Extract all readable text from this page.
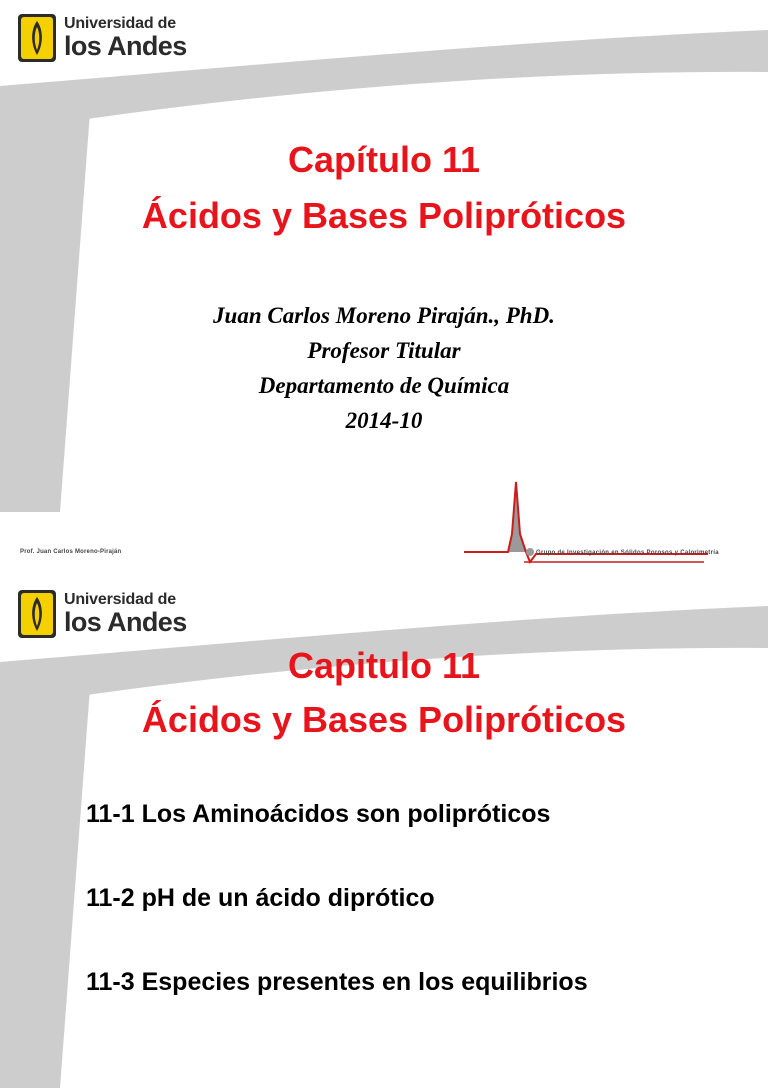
Universidad de
los Andes
Capítulo 11
Ácidos y Bases Polipróticos
Juan Carlos Moreno Piraján., PhD.
Profesor Titular
Departamento de Química
2014-10
Prof. Juan Carlos Moreno-Piraján	Grupo de Investigación en Sólidos Porosos y Calorimetría
Universidad de
los Andes
Capitulo 11
Ácidos y Bases Polipróticos
11-1 Los Aminoácidos son polipróticos
11-2 pH de un ácido diprótico
11-3 Especies presentes en los equilibrios
